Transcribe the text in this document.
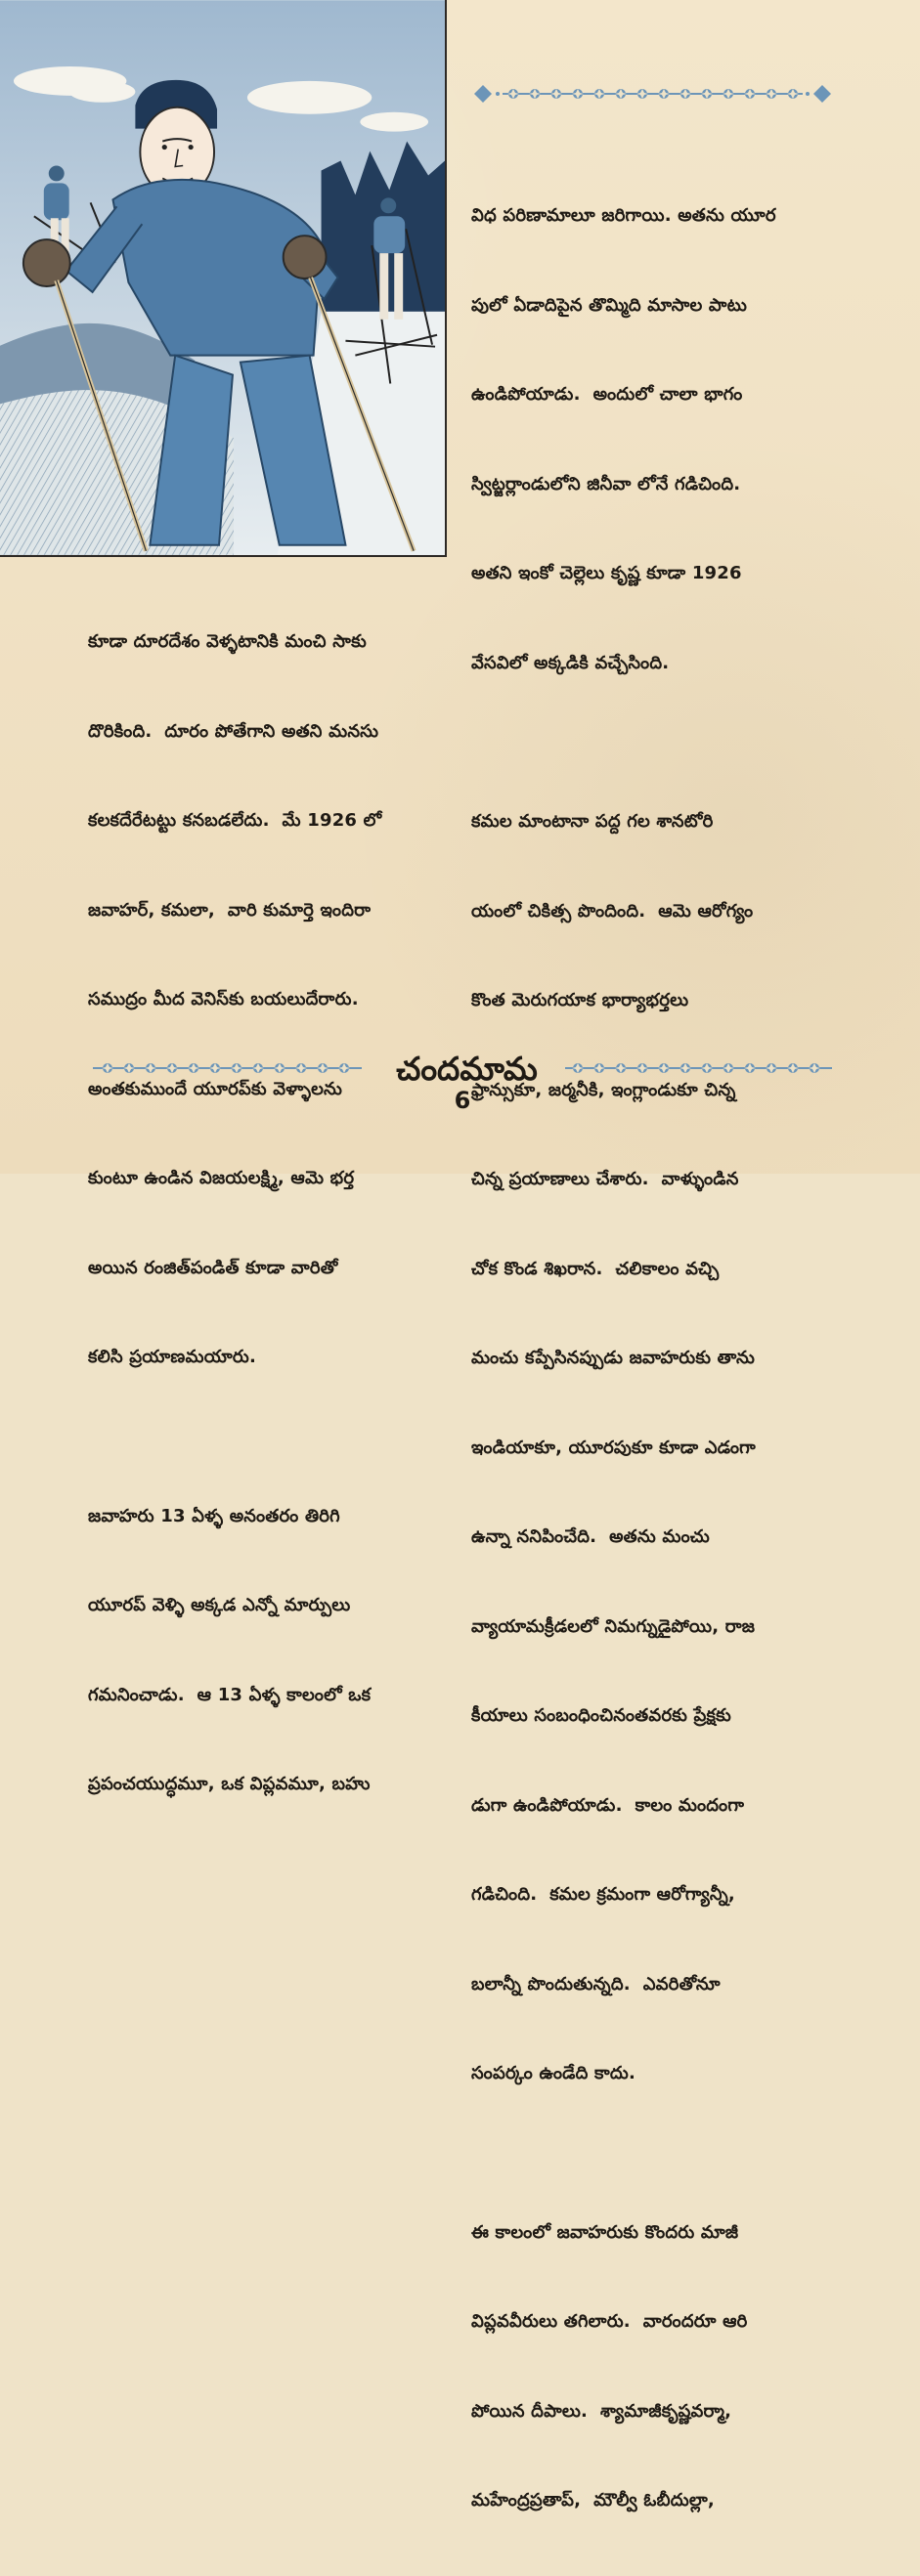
కూడా దూరదేశం వెళ్ళటానికి మంచి సాకు

దొరికింది.  దూరం పోతేగాని అతని మనసు

కలకదేరేటట్టు కనబడలేదు.  మే 1926 లో

జవాహర్, కమలా,  వారి కుమార్తె ఇందిరా

సముద్రం మీద వెనిస్‌కు బయలుదేరారు.

అంతకుముందే యూరప్‌కు వెళ్ళాలను

కుంటూ ఉండిన విజయలక్ష్మి, ఆమె భర్త

అయిన రంజిత్‌పండిత్ కూడా వారితో

కలిసి ప్రయాణమయారు.

జవాహరు 13 ఏళ్ళ అనంతరం తిరిగి

యూరప్ వెళ్ళి అక్కడ ఎన్నో మార్పులు

గమనించాడు.  ఆ 13 ఏళ్ళ కాలంలో ఒక

ప్రపంచయుద్ధమూ, ఒక విప్లవమూ, బహు

విధ పరిణామాలూ జరిగాయి. అతను యూర

పులో ఏడాదిపైన తొమ్మిది మాసాల పాటు

ఉండిపోయాడు.  అందులో చాలా భాగం

స్విట్జర్లాండులోని జినీవా లోనే గడిచింది.

అతని ఇంకో చెల్లెలు కృష్ణ కూడా 1926

వేసవిలో అక్కడికి వచ్చేసింది.

కమల మాంటానా పద్ద గల శానటోరి

యంలో చికిత్స పొందింది.  ఆమె ఆరోగ్యం

కొంత మెరుగయాక భార్యాభర్తలు

ఫ్రాన్సుకూ, జర్మనీకి, ఇంగ్లాండుకూ చిన్న

చిన్న ప్రయాణాలు చేశారు.  వాళ్ళుండిన

చోక కొండ శిఖరాన.  చలికాలం వచ్చి

మంచు కప్పేసినప్పుడు జవాహరుకు తాను

ఇండియాకూ, యూరపుకూ కూడా ఎడంగా

ఉన్నా ననిపించేది.  అతను మంచు

వ్యాయామక్రీడలలో నిమగ్నుడైపోయి, రాజ

కీయాలు సంబంధించినంతవరకు ప్రేక్షకు

డుగా ఉండిపోయాడు.  కాలం మందంగా

గడిచింది.  కమల క్రమంగా ఆరోగ్యాన్నీ,

బలాన్నీ పొందుతున్నది.  ఎవరితోనూ

సంపర్కం ఉండేది కాదు.

ఈ కాలంలో జవాహరుకు కొందరు మాజీ

విప్లవవీరులు తగిలారు.  వారందరూ ఆరి

పోయిన దీపాలు.  శ్యామాజీకృష్ణవర్మా,

మహేంద్రప్రతాప్,  మౌల్వీ ఓబీదుల్లా,

చందమామ
6
